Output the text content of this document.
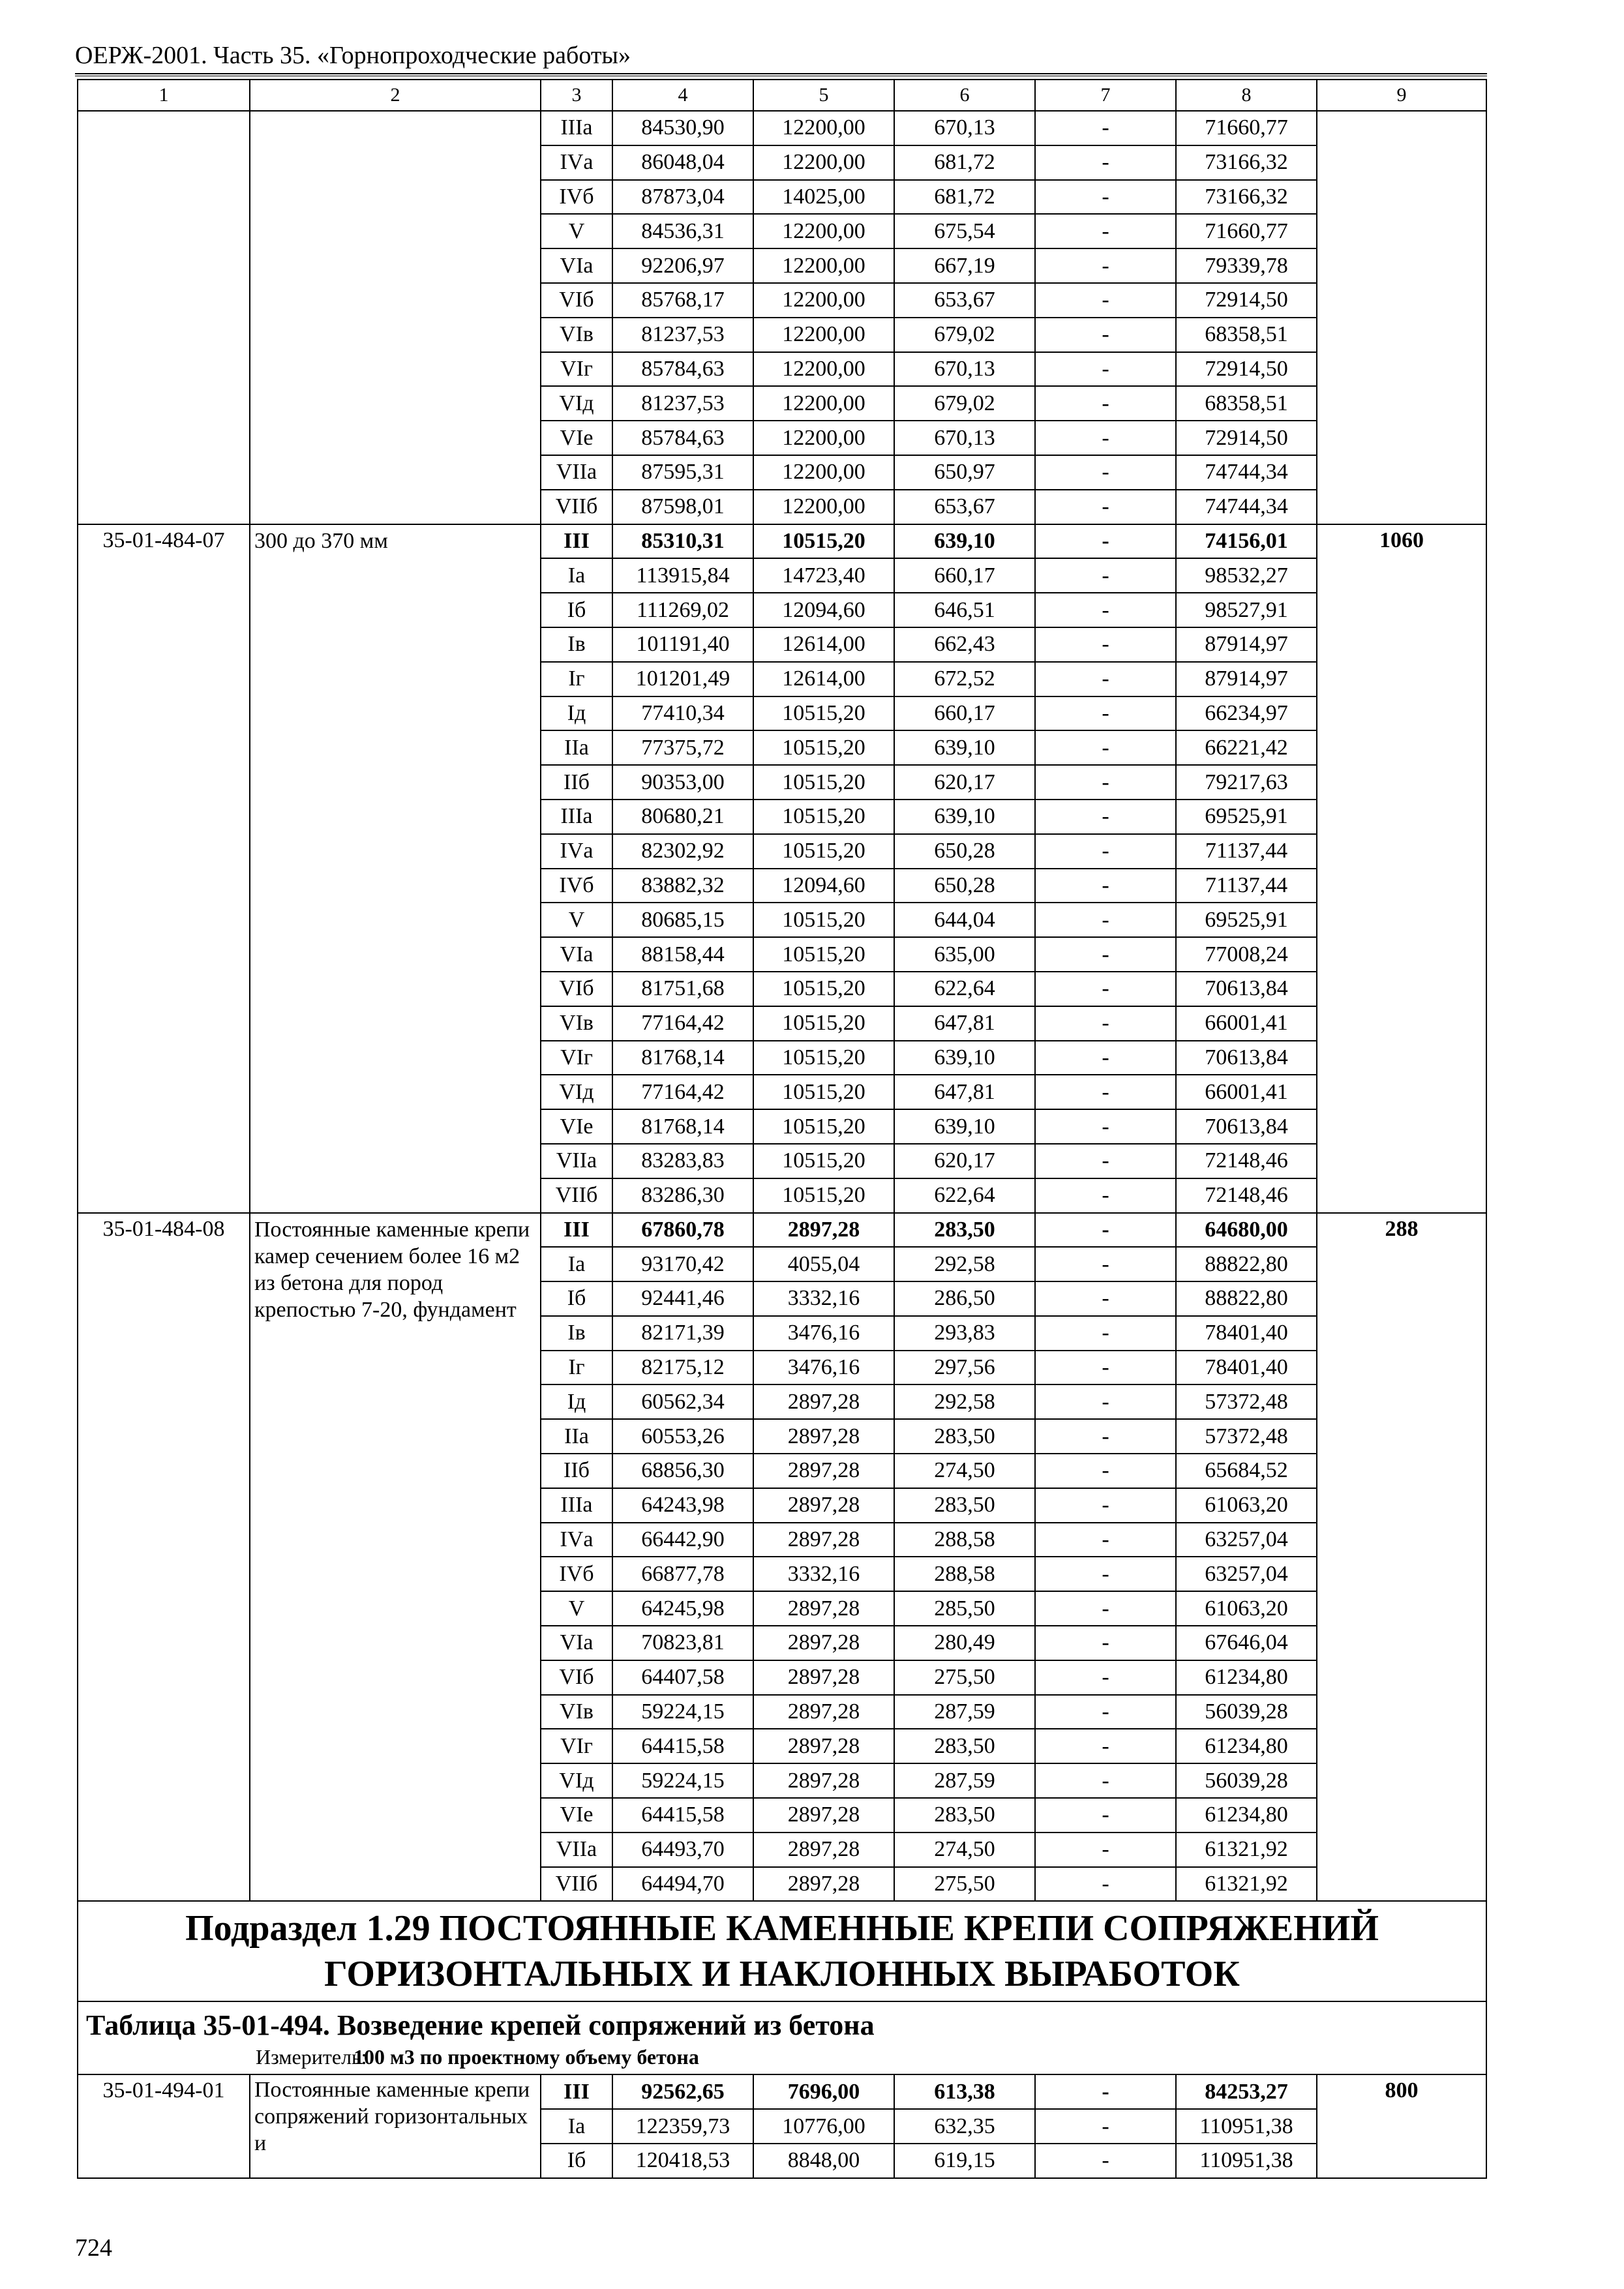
ОЕРЖ-2001. Часть 35. «Горнопроходческие работы»
1	2	3	4	5	6	7	8	9
		IIIа	84530,90	12200,00	670,13	-	71660,77	
		IVа	86048,04	12200,00	681,72	-	73166,32	
		IVб	87873,04	14025,00	681,72	-	73166,32	
		V	84536,31	12200,00	675,54	-	71660,77	
		VIа	92206,97	12200,00	667,19	-	79339,78	
		VIб	85768,17	12200,00	653,67	-	72914,50	
		VIв	81237,53	12200,00	679,02	-	68358,51	
		VIг	85784,63	12200,00	670,13	-	72914,50	
		VIд	81237,53	12200,00	679,02	-	68358,51	
		VIе	85784,63	12200,00	670,13	-	72914,50	
		VIIа	87595,31	12200,00	650,97	-	74744,34	
		VIIб	87598,01	12200,00	653,67	-	74744,34	
35-01-484-07	300 до 370 мм	III	85310,31	10515,20	639,10	-	74156,01	1060
		Iа	113915,84	14723,40	660,17	-	98532,27	
		Iб	111269,02	12094,60	646,51	-	98527,91	
		Iв	101191,40	12614,00	662,43	-	87914,97	
		Iг	101201,49	12614,00	672,52	-	87914,97	
		Iд	77410,34	10515,20	660,17	-	66234,97	
		IIа	77375,72	10515,20	639,10	-	66221,42	
		IIб	90353,00	10515,20	620,17	-	79217,63	
		IIIа	80680,21	10515,20	639,10	-	69525,91	
		IVа	82302,92	10515,20	650,28	-	71137,44	
		IVб	83882,32	12094,60	650,28	-	71137,44	
		V	80685,15	10515,20	644,04	-	69525,91	
		VIа	88158,44	10515,20	635,00	-	77008,24	
		VIб	81751,68	10515,20	622,64	-	70613,84	
		VIв	77164,42	10515,20	647,81	-	66001,41	
		VIг	81768,14	10515,20	639,10	-	70613,84	
		VIд	77164,42	10515,20	647,81	-	66001,41	
		VIе	81768,14	10515,20	639,10	-	70613,84	
		VIIа	83283,83	10515,20	620,17	-	72148,46	
		VIIб	83286,30	10515,20	622,64	-	72148,46	
35-01-484-08	Постоянные каменные крепи камер сечением более 16 м2 из бетона для пород крепостью 7-20, фундамент	III	67860,78	2897,28	283,50	-	64680,00	288
		Iа	93170,42	4055,04	292,58	-	88822,80	
		Iб	92441,46	3332,16	286,50	-	88822,80	
		Iв	82171,39	3476,16	293,83	-	78401,40	
		Iг	82175,12	3476,16	297,56	-	78401,40	
		Iд	60562,34	2897,28	292,58	-	57372,48	
		IIа	60553,26	2897,28	283,50	-	57372,48	
		IIб	68856,30	2897,28	274,50	-	65684,52	
		IIIа	64243,98	2897,28	283,50	-	61063,20	
		IVа	66442,90	2897,28	288,58	-	63257,04	
		IVб	66877,78	3332,16	288,58	-	63257,04	
		V	64245,98	2897,28	285,50	-	61063,20	
		VIа	70823,81	2897,28	280,49	-	67646,04	
		VIб	64407,58	2897,28	275,50	-	61234,80	
		VIв	59224,15	2897,28	287,59	-	56039,28	
		VIг	64415,58	2897,28	283,50	-	61234,80	
		VIд	59224,15	2897,28	287,59	-	56039,28	
		VIе	64415,58	2897,28	283,50	-	61234,80	
		VIIа	64493,70	2897,28	274,50	-	61321,92	
		VIIб	64494,70	2897,28	275,50	-	61321,92	
Подраздел 1.29 ПОСТОЯННЫЕ КАМЕННЫЕ КРЕПИ СОПРЯЖЕНИЙ ГОРИЗОНТАЛЬНЫХ И НАКЛОННЫХ ВЫРАБОТОК								
Таблица 35-01-494. Возведение крепей сопряжений из бетона								
Измеритель:100 м3 по проектному объему бетона								
35-01-494-01	Постоянные каменные крепи сопряжений горизонтальных и	III	92562,65	7696,00	613,38	-	84253,27	800
		Iа	122359,73	10776,00	632,35	-	110951,38	
		Iб	120418,53	8848,00	619,15	-	110951,38	
724
